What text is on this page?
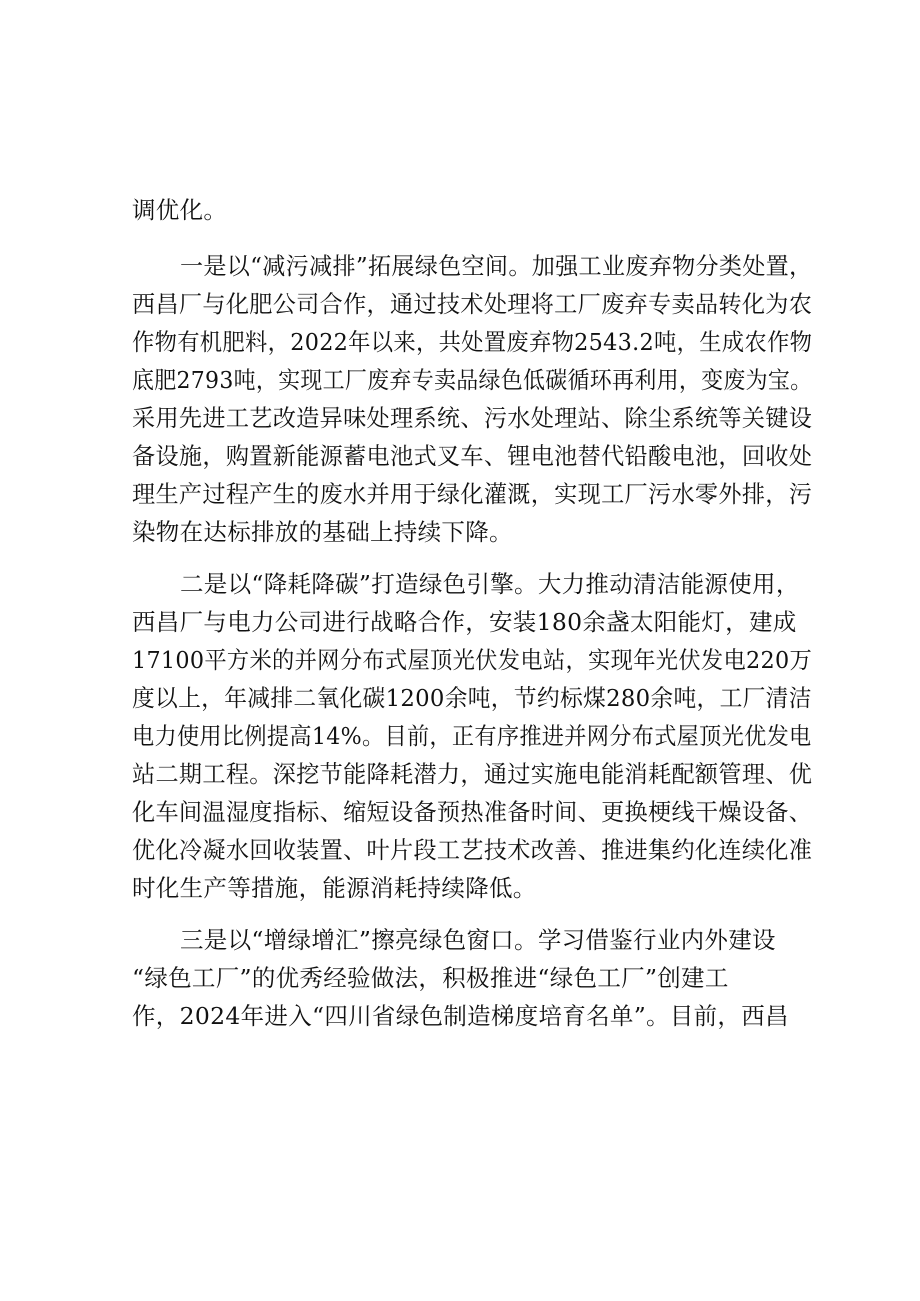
调优化。
一是以“减污减排”拓展绿色空间。加强工业废弃物分类处置，
西昌厂与化肥公司合作，通过技术处理将工厂废弃专卖品转化为农
作物有机肥料，2022年以来，共处置废弃物2543.2吨，生成农作物
底肥2793吨，实现工厂废弃专卖品绿色低碳循环再利用，变废为宝。
采用先进工艺改造异味处理系统、污水处理站、除尘系统等关键设
备设施，购置新能源蓄电池式叉车、锂电池替代铅酸电池，回收处
理生产过程产生的废水并用于绿化灌溉，实现工厂污水零外排，污
染物在达标排放的基础上持续下降。
二是以“降耗降碳”打造绿色引擎。大力推动清洁能源使用，
西昌厂与电力公司进行战略合作，安装180余盏太阳能灯，建成
17100平方米的并网分布式屋顶光伏发电站，实现年光伏发电220万
度以上，年减排二氧化碳1200余吨，节约标煤280余吨，工厂清洁
电力使用比例提高14%。目前，正有序推进并网分布式屋顶光优发电
站二期工程。深挖节能降耗潜力，通过实施电能消耗配额管理、优
化车间温湿度指标、缩短设备预热准备时间、更换梗线干燥设备、
优化冷凝水回收装置、叶片段工艺技术改善、推进集约化连续化准
时化生产等措施，能源消耗持续降低。
三是以“增绿增汇”擦亮绿色窗口。学习借鉴行业内外建设
“绿色工厂”的优秀经验做法，积极推进“绿色工厂”创建工
作，2024年进入“四川省绿色制造梯度培育名单”。目前，西昌
